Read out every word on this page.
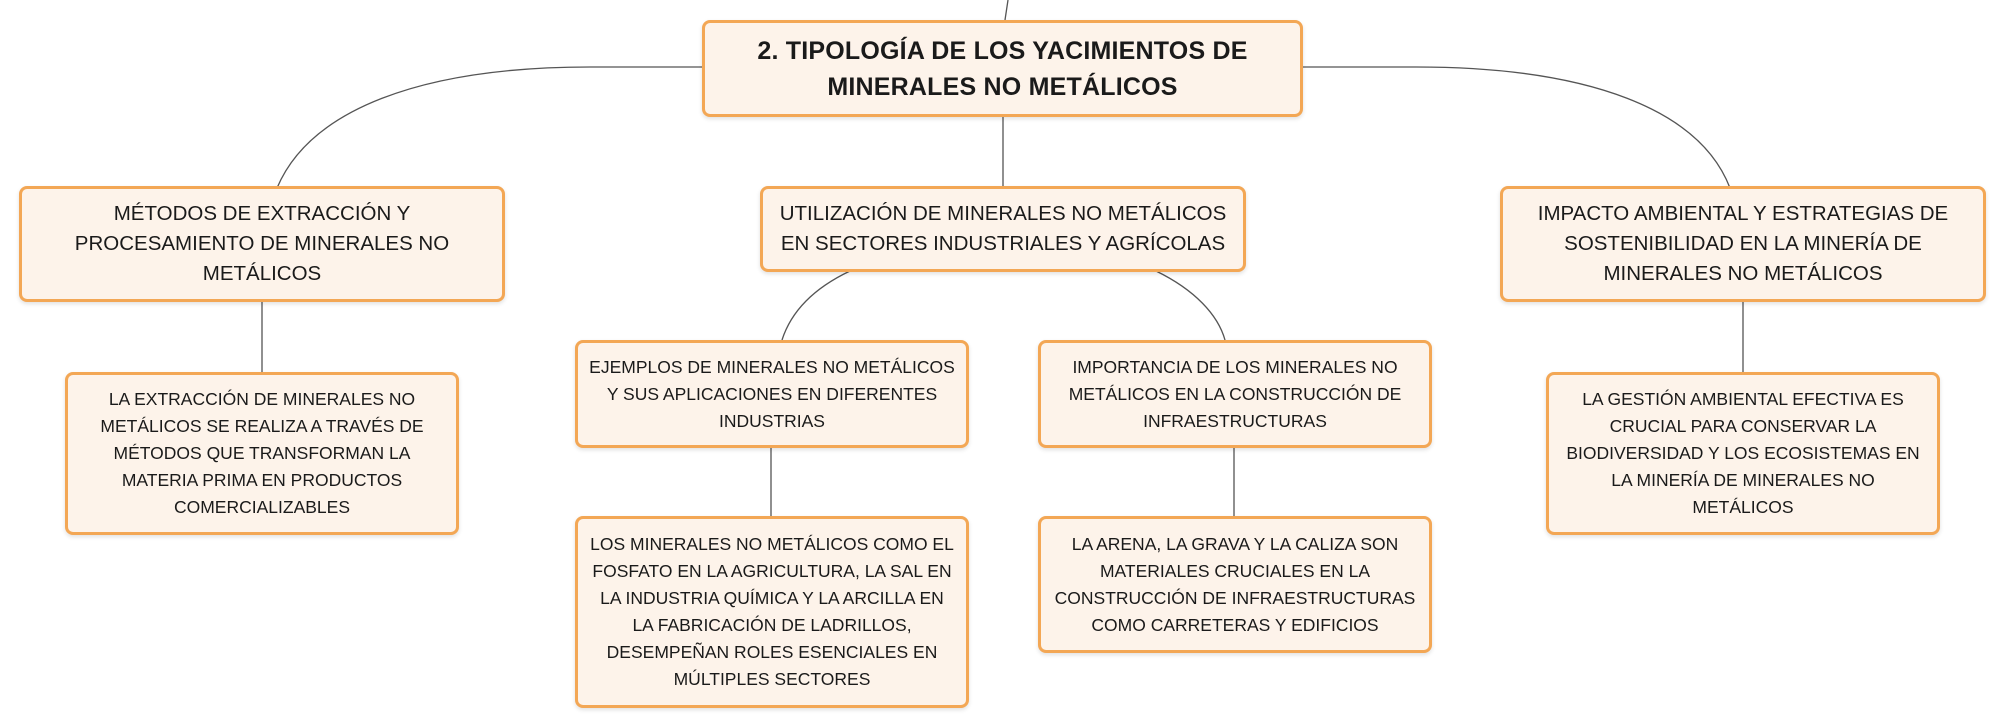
2. TIPOLOGÍA DE LOS YACIMIENTOS DE MINERALES NO METÁLICOS
MÉTODOS DE EXTRACCIÓN Y PROCESAMIENTO DE MINERALES NO METÁLICOS
UTILIZACIÓN DE MINERALES NO METÁLICOS EN SECTORES INDUSTRIALES Y AGRÍCOLAS
IMPACTO AMBIENTAL Y ESTRATEGIAS DE SOSTENIBILIDAD EN LA MINERÍA DE MINERALES NO METÁLICOS
LA EXTRACCIÓN DE MINERALES NO METÁLICOS SE REALIZA A TRAVÉS DE MÉTODOS QUE TRANSFORMAN LA MATERIA PRIMA EN PRODUCTOS COMERCIALIZABLES
EJEMPLOS DE MINERALES NO METÁLICOS Y SUS APLICACIONES EN DIFERENTES INDUSTRIAS
IMPORTANCIA DE LOS MINERALES NO METÁLICOS EN LA CONSTRUCCIÓN DE INFRAESTRUCTURAS
LOS MINERALES NO METÁLICOS COMO EL FOSFATO EN LA AGRICULTURA, LA SAL EN LA INDUSTRIA QUÍMICA Y LA ARCILLA EN LA FABRICACIÓN DE LADRILLOS, DESEMPEÑAN ROLES ESENCIALES EN MÚLTIPLES SECTORES
LA ARENA, LA GRAVA Y LA CALIZA SON MATERIALES CRUCIALES EN LA CONSTRUCCIÓN DE INFRAESTRUCTURAS COMO CARRETERAS Y EDIFICIOS
LA GESTIÓN AMBIENTAL EFECTIVA ES CRUCIAL PARA CONSERVAR LA BIODIVERSIDAD Y LOS ECOSISTEMAS EN LA MINERÍA DE MINERALES NO METÁLICOS
